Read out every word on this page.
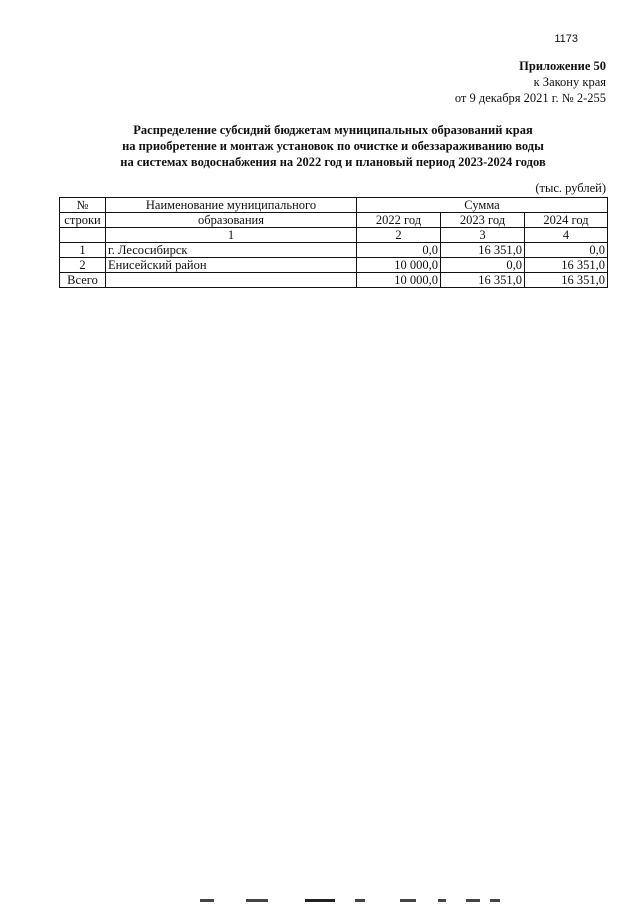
1173
Приложение 50
к Закону края
от 9 декабря 2021 г. № 2-255
Распределение субсидий бюджетам муниципальных образований края
на приобретение и монтаж установок по очистке и обеззараживанию воды
на системах водоснабжения на 2022 год и плановый период 2023-2024 годов
(тыс. рублей)
№	Наименование муниципального	Сумма		
строки	образования	2022 год	2023 год	2024 год
	1	2	3	4
1	г. Лесосибирск	0,0	16 351,0	0,0
2	Енисейский район	10 000,0	0,0	16 351,0
Всего		10 000,0	16 351,0	16 351,0
